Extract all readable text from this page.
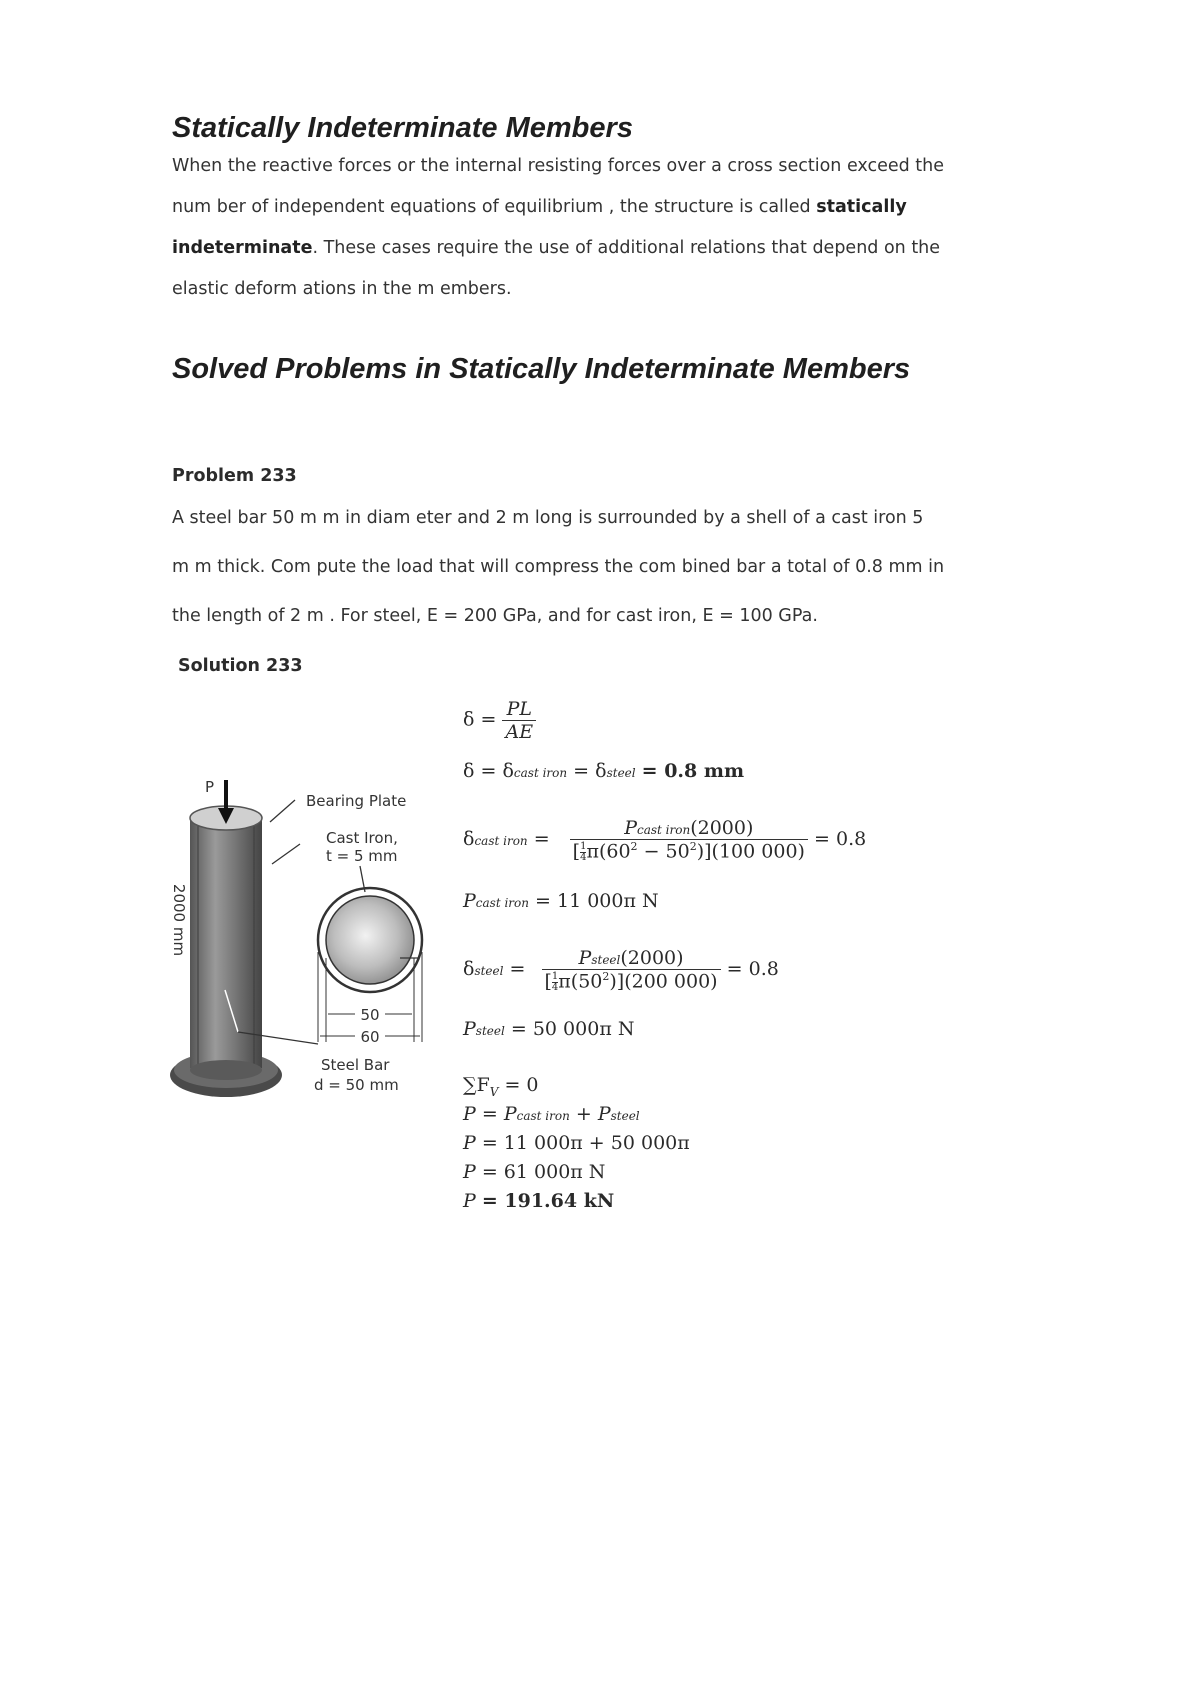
Statically Indeterminate Members
When the reactive forces or the internal resisting forces over a cross section exceed the
num ber of independent equations of equilibrium , the structure is called statically
indeterminate. These cases require the use of additional relations that depend on the
elastic deform ations in the m embers.
Solved Problems in Statically Indeterminate Members
Problem 233
A steel bar 50 m m in diam eter and 2 m long is surrounded by a shell of a cast iron 5
m m thick. Com pute the load that will compress the com bined bar a total of 0.8 mm in
the length of 2 m . For steel, E = 200 GPa, and for cast iron, E = 100 GPa.
Solution 233
P
50
60
Bearing Plate
Cast Iron,
t = 5 mm
Steel Bar
d = 50 mm
2000 mm
$\delta = \frac{PL}{AE}$
δ = δcast iron = δsteel = 0.8 mm
δcast iron = $\frac{\text{Pcast iron(2000)}}{[ \frac{1}{4} \pi(60^2 - 50^2)](100 000)} = 0.8$
Pcast iron = 11 000π N
δsteel = $\frac{\text{Psteel(2000)}}{[ \frac{1}{4} \pi(50^2)](200 000)} = 0.8$
Psteel = 50 000π N
$\sum F_V = 0$
P = Pcast iron + Psteel
P = 11 000π + 50 000π
P = 61 000π N
P = 191.64 kN
